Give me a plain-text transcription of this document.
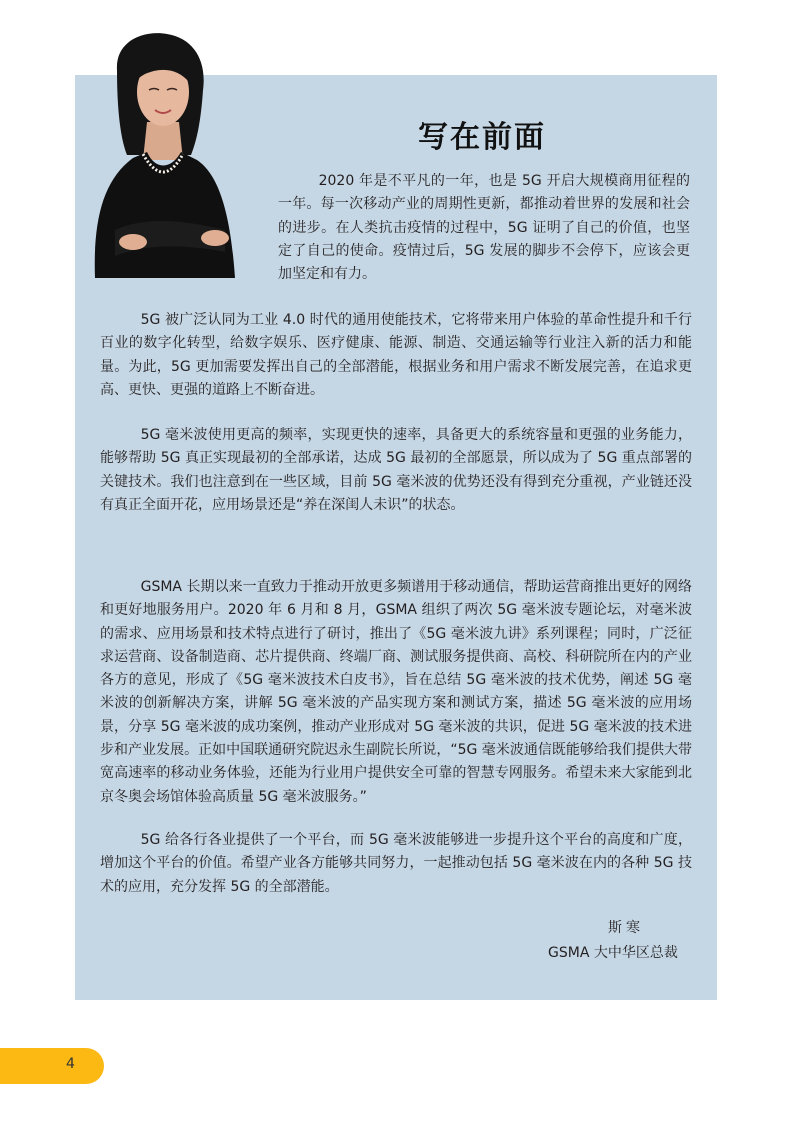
写在前面

2020 年是不平凡的一年，也是 5G 开启大规模商用征程的一年。每一次移动产业的周期性更新，都推动着世界的发展和社会的进步。在人类抗击疫情的过程中，5G 证明了自己的价值，也坚定了自己的使命。疫情过后，5G 发展的脚步不会停下，应该会更加坚定和有力。

5G 被广泛认同为工业 4.0 时代的通用使能技术，它将带来用户体验的革命性提升和千行百业的数字化转型，给数字娱乐、医疗健康、能源、制造、交通运输等行业注入新的活力和能量。为此，5G 更加需要发挥出自己的全部潜能，根据业务和用户需求不断发展完善，在追求更高、更快、更强的道路上不断奋进。

5G 毫米波使用更高的频率，实现更快的速率，具备更大的系统容量和更强的业务能力，能够帮助 5G 真正实现最初的全部承诺，达成 5G 最初的全部愿景，所以成为了 5G 重点部署的关键技术。我们也注意到在一些区域，目前 5G 毫米波的优势还没有得到充分重视，产业链还没有真正全面开花，应用场景还是“养在深闺人未识”的状态。

GSMA 长期以来一直致力于推动开放更多频谱用于移动通信，帮助运营商推出更好的网络和更好地服务用户。2020 年 6 月和 8 月，GSMA 组织了两次 5G 毫米波专题论坛，对毫米波的需求、应用场景和技术特点进行了研讨，推出了《5G 毫米波九讲》系列课程；同时，广泛征求运营商、设备制造商、芯片提供商、终端厂商、测试服务提供商、高校、科研院所在内的产业各方的意见，形成了《5G 毫米波技术白皮书》，旨在总结 5G 毫米波的技术优势，阐述 5G 毫米波的创新解决方案，讲解 5G 毫米波的产品实现方案和测试方案，描述 5G 毫米波的应用场景，分享 5G 毫米波的成功案例，推动产业形成对 5G 毫米波的共识，促进 5G 毫米波的技术进步和产业发展。正如中国联通研究院迟永生副院长所说，“5G 毫米波通信既能够给我们提供大带宽高速率的移动业务体验，还能为行业用户提供安全可靠的智慧专网服务。希望未来大家能到北京冬奥会场馆体验高质量 5G 毫米波服务。”

5G 给各行各业提供了一个平台，而 5G 毫米波能够进一步提升这个平台的高度和广度，增加这个平台的价值。希望产业各方能够共同努力，一起推动包括 5G 毫米波在内的各种 5G 技术的应用，充分发挥 5G 的全部潜能。

斯寒

GSMA 大中华区总裁

4
